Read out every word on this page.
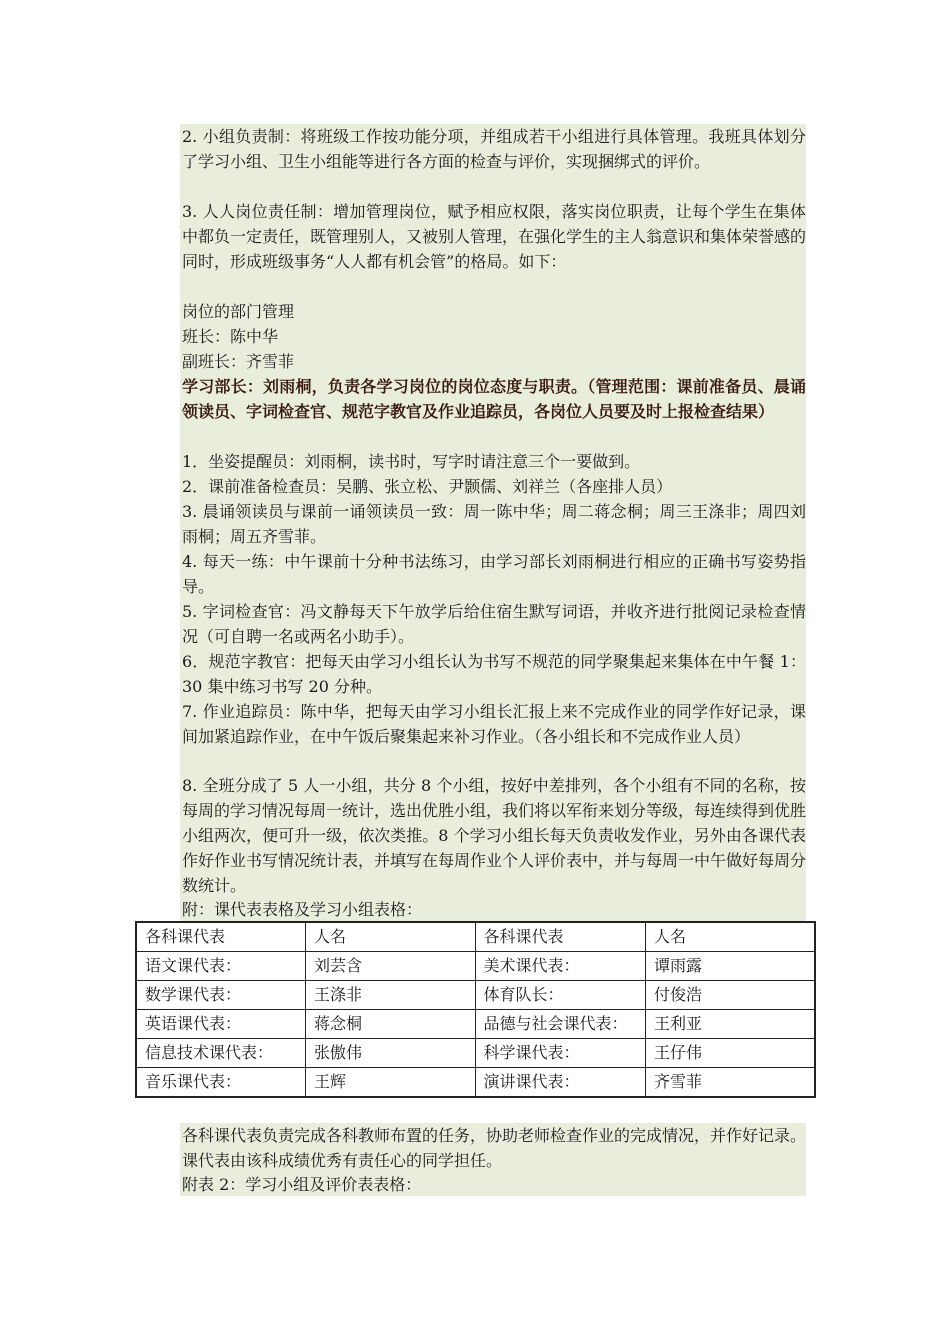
2. 小组负责制：将班级工作按功能分项，并组成若干小组进行具体管理。我班具体划分了学习小组、卫生小组能等进行各方面的检查与评价，实现捆绑式的评价。

3. 人人岗位责任制：增加管理岗位，赋予相应权限，落实岗位职责，让每个学生在集体中都负一定责任，既管理别人，又被别人管理，在强化学生的主人翁意识和集体荣誉感的同时，形成班级事务“人人都有机会管”的格局。如下：

岗位的部门管理

班长：陈中华

副班长：齐雪菲

学习部长：刘雨桐，负责各学习岗位的岗位态度与职责。（管理范围：课前准备员、晨诵领读员、字词检查官、规范字教官及作业追踪员，各岗位人员要及时上报检查结果）

1．坐姿提醒员：刘雨桐，读书时，写字时请注意三个一要做到。

2．课前准备检查员：吴鹏、张立松、尹颢儒、刘祥兰（各座排人员）

3. 晨诵领读员与课前一诵领读员一致：周一陈中华；周二蒋念桐；周三王涤非；周四刘雨桐；周五齐雪菲。

4. 每天一练：中午课前十分种书法练习，由学习部长刘雨桐进行相应的正确书写姿势指导。

5. 字词检查官：冯文静每天下午放学后给住宿生默写词语，并收齐进行批阅记录检查情况（可自聘一名或两名小助手）。

6．规范字教官：把每天由学习小组长认为书写不规范的同学聚集起来集体在中午餐 1：30 集中练习书写 20 分种。

7. 作业追踪员：陈中华，把每天由学习小组长汇报上来不完成作业的同学作好记录，课间加紧追踪作业，在中午饭后聚集起来补习作业。（各小组长和不完成作业人员）

8. 全班分成了 5 人一小组，共分 8 个小组，按好中差排列，各个小组有不同的名称，按每周的学习情况每周一统计，选出优胜小组，我们将以军衔来划分等级，每连续得到优胜小组两次，便可升一级，依次类推。8 个学习小组长每天负责收发作业，另外由各课代表作好作业书写情况统计表，并填写在每周作业个人评价表中，并与每周一中午做好每周分数统计。

附：课代表表格及学习小组表格：

各科课代表	人名	各科课代表	人名
语文课代表：	刘芸含	美术课代表：	谭雨露
数学课代表：	王涤非	体育队长：	付俊浩
英语课代表：	蒋念桐	品德与社会课代表：	王利亚
信息技术课代表：	张傲伟	科学课代表：	王仔伟
音乐课代表：	王辉	演讲课代表：	齐雪菲

各科课代表负责完成各科教师布置的任务，协助老师检查作业的完成情况，并作好记录。课代表由该科成绩优秀有责任心的同学担任。

附表 2：学习小组及评价表表格：
